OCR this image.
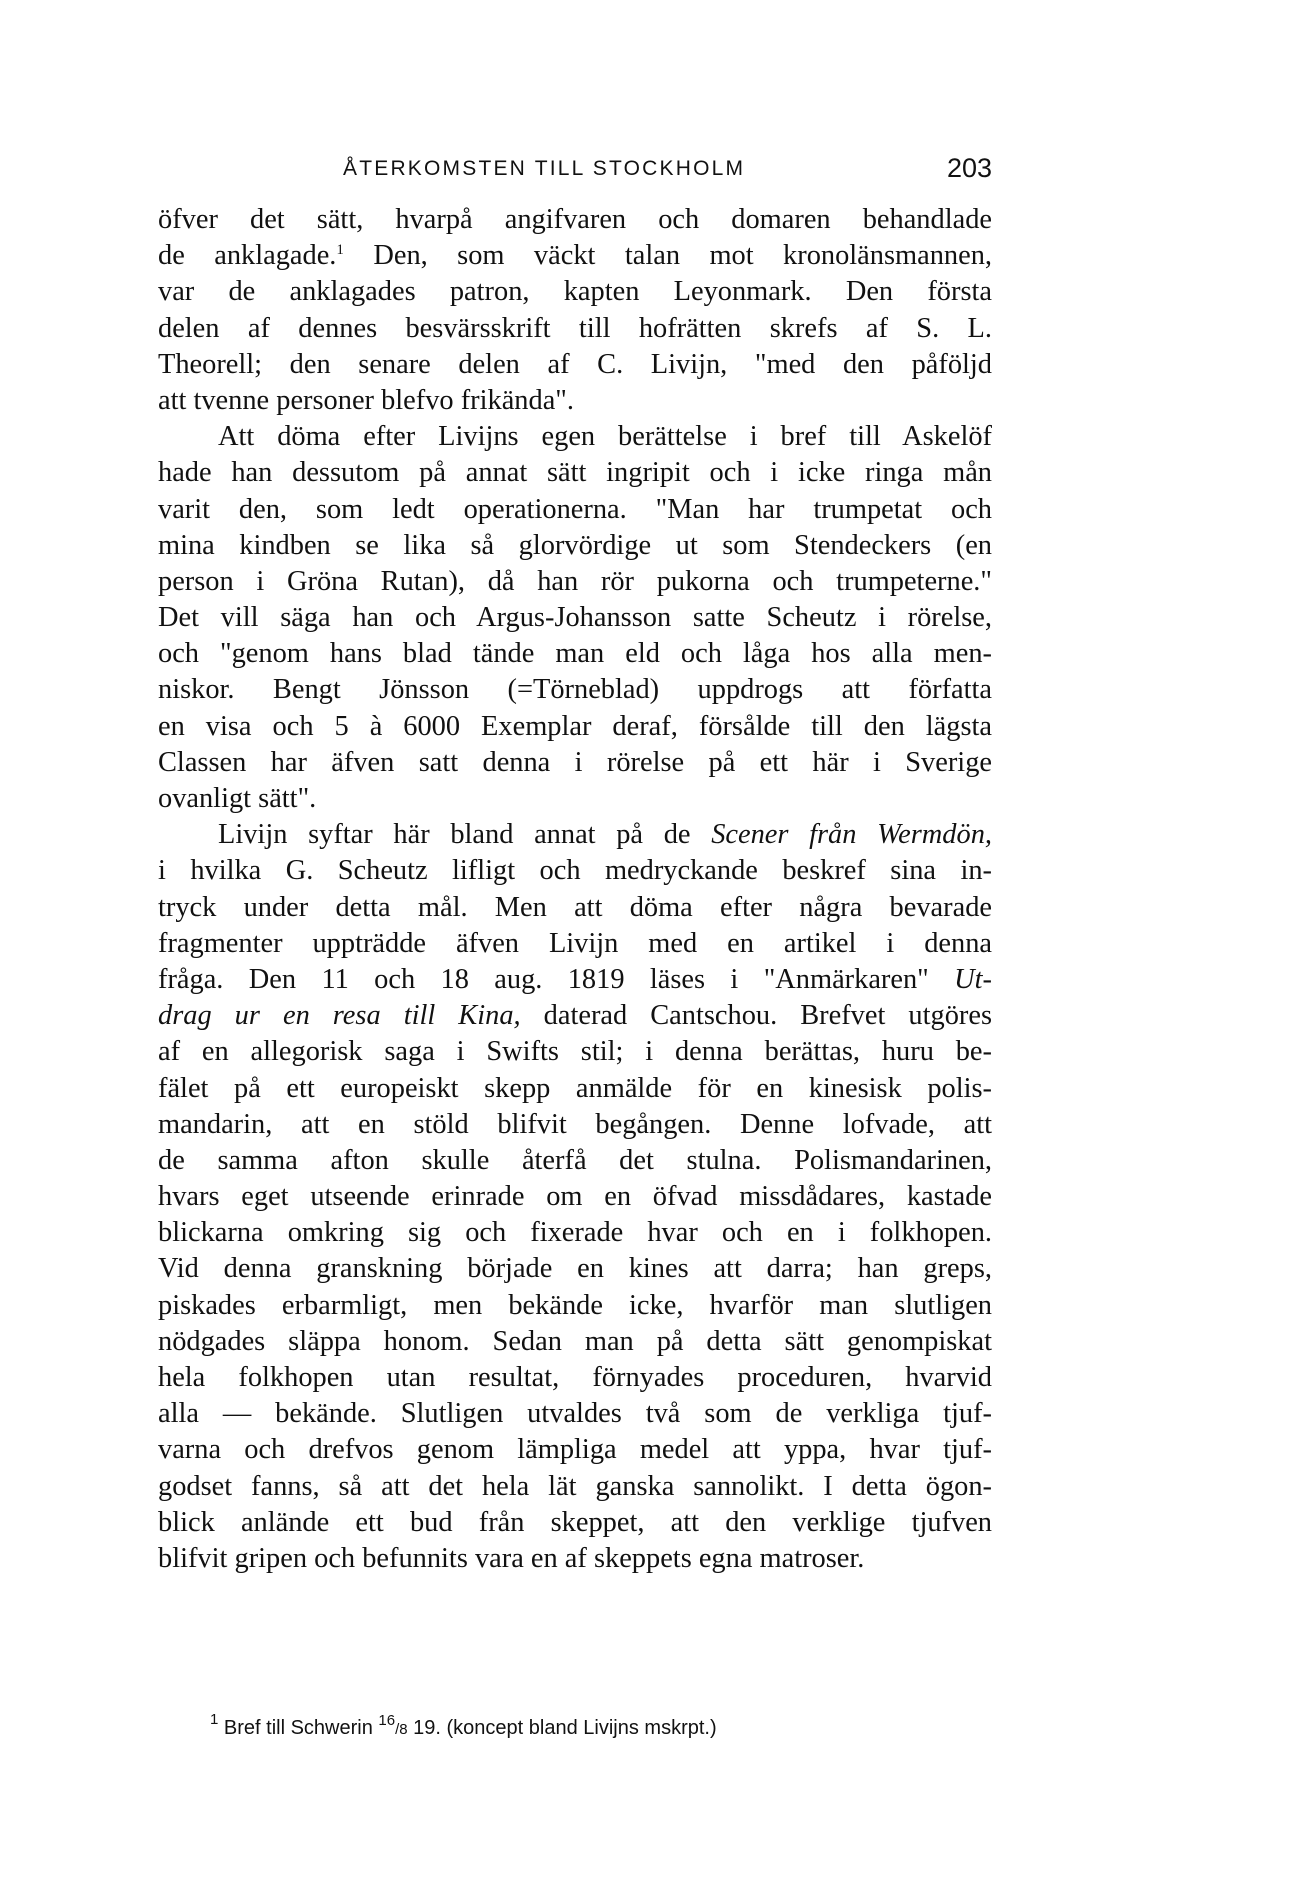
ÅTERKOMSTEN TILL STOCKHOLM	203
öfver det sätt, hvarpå angifvaren och domaren behandlade
de anklagade.$^1$ Den, som väckt talan mot kronolänsmannen,
var de anklagades patron, kapten Leyonmark. Den första
delen af dennes besvärsskrift till hofrätten skrefs af S. L.
Theorell; den senare delen af C. Livijn, "med den påföljd
att tvenne personer blefvo frikända".
Att döma efter Livijns egen berättelse i bref till Askelöf
hade han dessutom på annat sätt ingripit och i icke ringa mån
varit den, som ledt operationerna. "Man har trumpetat och
mina kindben se lika så glorvördige ut som Stendeckers (en
person i Gröna Rutan), då han rör pukorna och trumpeterne."
Det vill säga han och Argus-Johansson satte Scheutz i rörelse,
och "genom hans blad tände man eld och låga hos alla men-
niskor. Bengt Jönsson (=Törneblad) uppdrogs att författa
en visa och 5 à 6000 Exemplar deraf, försålde till den lägsta
Classen har äfven satt denna i rörelse på ett här i Sverige
ovanligt sätt".
Livijn syftar här bland annat på de Scener från Wermdön,
i hvilka G. Scheutz lifligt och medryckande beskref sina in-
tryck under detta mål. Men att döma efter några bevarade
fragmenter uppträdde äfven Livijn med en artikel i denna
fråga. Den 11 och 18 aug. 1819 läses i "Anmärkaren" Ut-
drag ur en resa till Kina, daterad Cantschou. Brefvet utgöres
af en allegorisk saga i Swifts stil; i denna berättas, huru be-
fälet på ett europeiskt skepp anmälde för en kinesisk polis-
mandarin, att en stöld blifvit begången. Denne lofvade, att
de samma afton skulle återfå det stulna. Polismandarinen,
hvars eget utseende erinrade om en öfvad missdådares, kastade
blickarna omkring sig och fixerade hvar och en i folkhopen.
Vid denna granskning började en kines att darra; han greps,
piskades erbarmligt, men bekände icke, hvarför man slutligen
nödgades släppa honom. Sedan man på detta sätt genompiskat
hela folkhopen utan resultat, förnyades proceduren, hvarvid
alla — bekände. Slutligen utvaldes två som de verkliga tjuf-
varna och drefvos genom lämpliga medel att yppa, hvar tjuf-
godset fanns, så att det hela lät ganska sannolikt. I detta ögon-
blick anlände ett bud från skeppet, att den verklige tjufven
blifvit gripen och befunnits vara en af skeppets egna matroser.
$^1$ Bref till Schwerin 16/8 19. (koncept bland Livijns mskrpt.)
